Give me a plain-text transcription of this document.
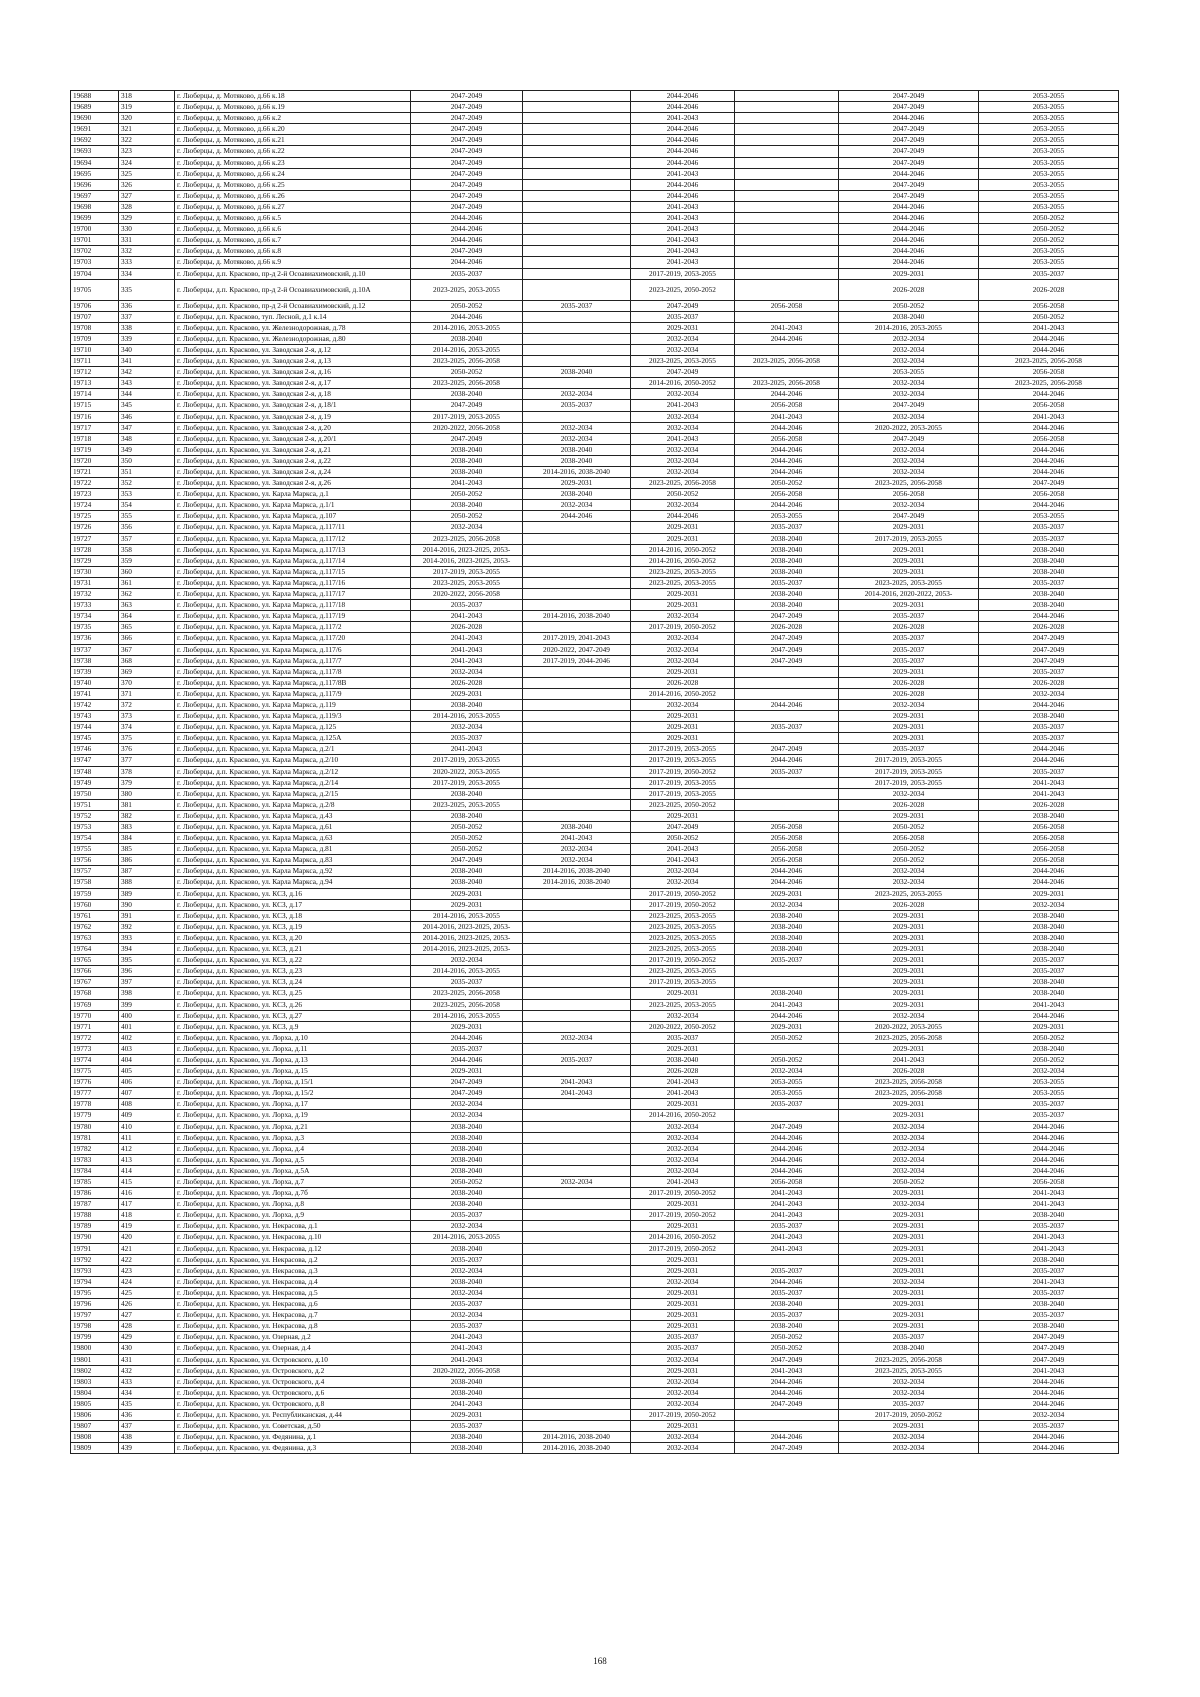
19688	318	г. Люберцы, д. Мотяково, д.66 к.18	2047-2049		2044-2046		2047-2049	2053-2055
19689	319	г. Люберцы, д. Мотяково, д.66 к.19	2047-2049		2044-2046		2047-2049	2053-2055
19690	320	г. Люберцы, д. Мотяково, д.66 к.2	2047-2049		2041-2043		2044-2046	2053-2055
19691	321	г. Люберцы, д. Мотяково, д.66 к.20	2047-2049		2044-2046		2047-2049	2053-2055
19692	322	г. Люберцы, д. Мотяково, д.66 к.21	2047-2049		2044-2046		2047-2049	2053-2055
19693	323	г. Люберцы, д. Мотяково, д.66 к.22	2047-2049		2044-2046		2047-2049	2053-2055
19694	324	г. Люберцы, д. Мотяково, д.66 к.23	2047-2049		2044-2046		2047-2049	2053-2055
19695	325	г. Люберцы, д. Мотяково, д.66 к.24	2047-2049		2041-2043		2044-2046	2053-2055
19696	326	г. Люберцы, д. Мотяково, д.66 к.25	2047-2049		2044-2046		2047-2049	2053-2055
19697	327	г. Люберцы, д. Мотяково, д.66 к.26	2047-2049		2044-2046		2047-2049	2053-2055
19698	328	г. Люберцы, д. Мотяково, д.66 к.27	2047-2049		2041-2043		2044-2046	2053-2055
19699	329	г. Люберцы, д. Мотяково, д.66 к.5	2044-2046		2041-2043		2044-2046	2050-2052
19700	330	г. Люберцы, д. Мотяково, д.66 к.6	2044-2046		2041-2043		2044-2046	2050-2052
19701	331	г. Люберцы, д. Мотяково, д.66 к.7	2044-2046		2041-2043		2044-2046	2050-2052
19702	332	г. Люберцы, д. Мотяково, д.66 к.8	2047-2049		2041-2043		2044-2046	2053-2055
19703	333	г. Люберцы, д. Мотяково, д.66 к.9	2044-2046		2041-2043		2044-2046	2053-2055
19704	334	г. Люберцы, д.п. Красково, пр-д 2-й Осоавиахимовский, д.10	2035-2037		2017-2019, 2053-2055		2029-2031	2035-2037
19705	335	г. Люберцы, д.п. Красково, пр-д 2-й Осоавиахимовский, д.10А	2023-2025, 2053-2055		2023-2025, 2050-2052		2026-2028	2026-2028
19706	336	г. Люберцы, д.п. Красково, пр-д 2-й Осоавиахимовский, д.12	2050-2052	2035-2037	2047-2049	2056-2058	2050-2052	2056-2058
19707	337	г. Люберцы, д.п. Красково, туп. Лесной, д.1 к.14	2044-2046		2035-2037		2038-2040	2050-2052
19708	338	г. Люберцы, д.п. Красково, ул. Железнодорожная, д.78	2014-2016, 2053-2055		2029-2031	2041-2043	2014-2016, 2053-2055	2041-2043
19709	339	г. Люберцы, д.п. Красково, ул. Железнодорожная, д.80	2038-2040		2032-2034	2044-2046	2032-2034	2044-2046
19710	340	г. Люберцы, д.п. Красково, ул. Заводская 2-я, д.12	2014-2016, 2053-2055		2032-2034		2032-2034	2044-2046
19711	341	г. Люберцы, д.п. Красково, ул. Заводская 2-я, д.13	2023-2025, 2056-2058		2023-2025, 2053-2055	2023-2025, 2056-2058	2032-2034	2023-2025, 2056-2058
19712	342	г. Люберцы, д.п. Красково, ул. Заводская 2-я, д.16	2050-2052	2038-2040	2047-2049		2053-2055	2056-2058
19713	343	г. Люберцы, д.п. Красково, ул. Заводская 2-я, д.17	2023-2025, 2056-2058		2014-2016, 2050-2052	2023-2025, 2056-2058	2032-2034	2023-2025, 2056-2058
19714	344	г. Люберцы, д.п. Красково, ул. Заводская 2-я, д.18	2038-2040	2032-2034	2032-2034	2044-2046	2032-2034	2044-2046
19715	345	г. Люберцы, д.п. Красково, ул. Заводская 2-я, д.18/1	2047-2049	2035-2037	2041-2043	2056-2058	2047-2049	2056-2058
19716	346	г. Люберцы, д.п. Красково, ул. Заводская 2-я, д.19	2017-2019, 2053-2055		2032-2034	2041-2043	2032-2034	2041-2043
19717	347	г. Люберцы, д.п. Красково, ул. Заводская 2-я, д.20	2020-2022, 2056-2058	2032-2034	2032-2034	2044-2046	2020-2022, 2053-2055	2044-2046
19718	348	г. Люберцы, д.п. Красково, ул. Заводская 2-я, д.20/1	2047-2049	2032-2034	2041-2043	2056-2058	2047-2049	2056-2058
19719	349	г. Люберцы, д.п. Красково, ул. Заводская 2-я, д.21	2038-2040	2038-2040	2032-2034	2044-2046	2032-2034	2044-2046
19720	350	г. Люберцы, д.п. Красково, ул. Заводская 2-я, д.22	2038-2040	2038-2040	2032-2034	2044-2046	2032-2034	2044-2046
19721	351	г. Люберцы, д.п. Красково, ул. Заводская 2-я, д.24	2038-2040	2014-2016, 2038-2040	2032-2034	2044-2046	2032-2034	2044-2046
19722	352	г. Люберцы, д.п. Красково, ул. Заводская 2-я, д.26	2041-2043	2029-2031	2023-2025, 2056-2058	2050-2052	2023-2025, 2056-2058	2047-2049
19723	353	г. Люберцы, д.п. Красково, ул. Карла Маркса, д.1	2050-2052	2038-2040	2050-2052	2056-2058	2056-2058	2056-2058
19724	354	г. Люберцы, д.п. Красково, ул. Карла Маркса, д.1/1	2038-2040	2032-2034	2032-2034	2044-2046	2032-2034	2044-2046
19725	355	г. Люберцы, д.п. Красково, ул. Карла Маркса, д.107	2050-2052	2044-2046	2044-2046	2053-2055	2047-2049	2053-2055
19726	356	г. Люберцы, д.п. Красково, ул. Карла Маркса, д.117/11	2032-2034		2029-2031	2035-2037	2029-2031	2035-2037
19727	357	г. Люберцы, д.п. Красково, ул. Карла Маркса, д.117/12	2023-2025, 2056-2058		2029-2031	2038-2040	2017-2019, 2053-2055	2035-2037
19728	358	г. Люберцы, д.п. Красково, ул. Карла Маркса, д.117/13	2014-2016, 2023-2025, 2053-		2014-2016, 2050-2052	2038-2040	2029-2031	2038-2040
19729	359	г. Люберцы, д.п. Красково, ул. Карла Маркса, д.117/14	2014-2016, 2023-2025, 2053-		2014-2016, 2050-2052	2038-2040	2029-2031	2038-2040
19730	360	г. Люберцы, д.п. Красково, ул. Карла Маркса, д.117/15	2017-2019, 2053-2055		2023-2025, 2053-2055	2038-2040	2029-2031	2038-2040
19731	361	г. Люберцы, д.п. Красково, ул. Карла Маркса, д.117/16	2023-2025, 2053-2055		2023-2025, 2053-2055	2035-2037	2023-2025, 2053-2055	2035-2037
19732	362	г. Люберцы, д.п. Красково, ул. Карла Маркса, д.117/17	2020-2022, 2056-2058		2029-2031	2038-2040	2014-2016, 2020-2022, 2053-	2038-2040
19733	363	г. Люберцы, д.п. Красково, ул. Карла Маркса, д.117/18	2035-2037		2029-2031	2038-2040	2029-2031	2038-2040
19734	364	г. Люберцы, д.п. Красково, ул. Карла Маркса, д.117/19	2041-2043	2014-2016, 2038-2040	2032-2034	2047-2049	2035-2037	2044-2046
19735	365	г. Люберцы, д.п. Красково, ул. Карла Маркса, д.117/2	2026-2028		2017-2019, 2050-2052	2026-2028	2026-2028	2026-2028
19736	366	г. Люберцы, д.п. Красково, ул. Карла Маркса, д.117/20	2041-2043	2017-2019, 2041-2043	2032-2034	2047-2049	2035-2037	2047-2049
19737	367	г. Люберцы, д.п. Красково, ул. Карла Маркса, д.117/6	2041-2043	2020-2022, 2047-2049	2032-2034	2047-2049	2035-2037	2047-2049
19738	368	г. Люберцы, д.п. Красково, ул. Карла Маркса, д.117/7	2041-2043	2017-2019, 2044-2046	2032-2034	2047-2049	2035-2037	2047-2049
19739	369	г. Люберцы, д.п. Красково, ул. Карла Маркса, д.117/8	2032-2034		2029-2031		2029-2031	2035-2037
19740	370	г. Люберцы, д.п. Красково, ул. Карла Маркса, д.117/8В	2026-2028		2026-2028		2026-2028	2026-2028
19741	371	г. Люберцы, д.п. Красково, ул. Карла Маркса, д.117/9	2029-2031		2014-2016, 2050-2052		2026-2028	2032-2034
19742	372	г. Люберцы, д.п. Красково, ул. Карла Маркса, д.119	2038-2040		2032-2034	2044-2046	2032-2034	2044-2046
19743	373	г. Люберцы, д.п. Красково, ул. Карла Маркса, д.119/3	2014-2016, 2053-2055		2029-2031		2029-2031	2038-2040
19744	374	г. Люберцы, д.п. Красково, ул. Карла Маркса, д.125	2032-2034		2029-2031	2035-2037	2029-2031	2035-2037
19745	375	г. Люберцы, д.п. Красково, ул. Карла Маркса, д.125А	2035-2037		2029-2031		2029-2031	2035-2037
19746	376	г. Люберцы, д.п. Красково, ул. Карла Маркса, д.2/1	2041-2043		2017-2019, 2053-2055	2047-2049	2035-2037	2044-2046
19747	377	г. Люберцы, д.п. Красково, ул. Карла Маркса, д.2/10	2017-2019, 2053-2055		2017-2019, 2053-2055	2044-2046	2017-2019, 2053-2055	2044-2046
19748	378	г. Люберцы, д.п. Красково, ул. Карла Маркса, д.2/12	2020-2022, 2053-2055		2017-2019, 2050-2052	2035-2037	2017-2019, 2053-2055	2035-2037
19749	379	г. Люберцы, д.п. Красково, ул. Карла Маркса, д.2/14	2017-2019, 2053-2055		2017-2019, 2053-2055		2017-2019, 2053-2055	2041-2043
19750	380	г. Люберцы, д.п. Красково, ул. Карла Маркса, д.2/15	2038-2040		2017-2019, 2053-2055		2032-2034	2041-2043
19751	381	г. Люберцы, д.п. Красково, ул. Карла Маркса, д.2/8	2023-2025, 2053-2055		2023-2025, 2050-2052		2026-2028	2026-2028
19752	382	г. Люберцы, д.п. Красково, ул. Карла Маркса, д.43	2038-2040		2029-2031		2029-2031	2038-2040
19753	383	г. Люберцы, д.п. Красково, ул. Карла Маркса, д.61	2050-2052	2038-2040	2047-2049	2056-2058	2050-2052	2056-2058
19754	384	г. Люберцы, д.п. Красково, ул. Карла Маркса, д.63	2050-2052	2041-2043	2050-2052	2056-2058	2056-2058	2056-2058
19755	385	г. Люберцы, д.п. Красково, ул. Карла Маркса, д.81	2050-2052	2032-2034	2041-2043	2056-2058	2050-2052	2056-2058
19756	386	г. Люберцы, д.п. Красково, ул. Карла Маркса, д.83	2047-2049	2032-2034	2041-2043	2056-2058	2050-2052	2056-2058
19757	387	г. Люберцы, д.п. Красково, ул. Карла Маркса, д.92	2038-2040	2014-2016, 2038-2040	2032-2034	2044-2046	2032-2034	2044-2046
19758	388	г. Люберцы, д.п. Красково, ул. Карла Маркса, д.94	2038-2040	2014-2016, 2038-2040	2032-2034	2044-2046	2032-2034	2044-2046
19759	389	г. Люберцы, д.п. Красково, ул. КСЗ, д.16	2029-2031		2017-2019, 2050-2052	2029-2031	2023-2025, 2053-2055	2029-2031
19760	390	г. Люберцы, д.п. Красково, ул. КСЗ, д.17	2029-2031		2017-2019, 2050-2052	2032-2034	2026-2028	2032-2034
19761	391	г. Люберцы, д.п. Красково, ул. КСЗ, д.18	2014-2016, 2053-2055		2023-2025, 2053-2055	2038-2040	2029-2031	2038-2040
19762	392	г. Люберцы, д.п. Красково, ул. КСЗ, д.19	2014-2016, 2023-2025, 2053-		2023-2025, 2053-2055	2038-2040	2029-2031	2038-2040
19763	393	г. Люберцы, д.п. Красково, ул. КСЗ, д.20	2014-2016, 2023-2025, 2053-		2023-2025, 2053-2055	2038-2040	2029-2031	2038-2040
19764	394	г. Люберцы, д.п. Красково, ул. КСЗ, д.21	2014-2016, 2023-2025, 2053-		2023-2025, 2053-2055	2038-2040	2029-2031	2038-2040
19765	395	г. Люберцы, д.п. Красково, ул. КСЗ, д.22	2032-2034		2017-2019, 2050-2052	2035-2037	2029-2031	2035-2037
19766	396	г. Люберцы, д.п. Красково, ул. КСЗ, д.23	2014-2016, 2053-2055		2023-2025, 2053-2055		2029-2031	2035-2037
19767	397	г. Люберцы, д.п. Красково, ул. КСЗ, д.24	2035-2037		2017-2019, 2053-2055		2029-2031	2038-2040
19768	398	г. Люберцы, д.п. Красково, ул. КСЗ, д.25	2023-2025, 2056-2058		2029-2031	2038-2040	2029-2031	2038-2040
19769	399	г. Люберцы, д.п. Красково, ул. КСЗ, д.26	2023-2025, 2056-2058		2023-2025, 2053-2055	2041-2043	2029-2031	2041-2043
19770	400	г. Люберцы, д.п. Красково, ул. КСЗ, д.27	2014-2016, 2053-2055		2032-2034	2044-2046	2032-2034	2044-2046
19771	401	г. Люберцы, д.п. Красково, ул. КСЗ, д.9	2029-2031		2020-2022, 2050-2052	2029-2031	2020-2022, 2053-2055	2029-2031
19772	402	г. Люберцы, д.п. Красково, ул. Лорха, д.10	2044-2046	2032-2034	2035-2037	2050-2052	2023-2025, 2056-2058	2050-2052
19773	403	г. Люберцы, д.п. Красково, ул. Лорха, д.11	2035-2037		2029-2031		2029-2031	2038-2040
19774	404	г. Люберцы, д.п. Красково, ул. Лорха, д.13	2044-2046	2035-2037	2038-2040	2050-2052	2041-2043	2050-2052
19775	405	г. Люберцы, д.п. Красково, ул. Лорха, д.15	2029-2031		2026-2028	2032-2034	2026-2028	2032-2034
19776	406	г. Люберцы, д.п. Красково, ул. Лорха, д.15/1	2047-2049	2041-2043	2041-2043	2053-2055	2023-2025, 2056-2058	2053-2055
19777	407	г. Люберцы, д.п. Красково, ул. Лорха, д.15/2	2047-2049	2041-2043	2041-2043	2053-2055	2023-2025, 2056-2058	2053-2055
19778	408	г. Люберцы, д.п. Красково, ул. Лорха, д.17	2032-2034		2029-2031	2035-2037	2029-2031	2035-2037
19779	409	г. Люберцы, д.п. Красково, ул. Лорха, д.19	2032-2034		2014-2016, 2050-2052		2029-2031	2035-2037
19780	410	г. Люберцы, д.п. Красково, ул. Лорха, д.21	2038-2040		2032-2034	2047-2049	2032-2034	2044-2046
19781	411	г. Люберцы, д.п. Красково, ул. Лорха, д.3	2038-2040		2032-2034	2044-2046	2032-2034	2044-2046
19782	412	г. Люберцы, д.п. Красково, ул. Лорха, д.4	2038-2040		2032-2034	2044-2046	2032-2034	2044-2046
19783	413	г. Люберцы, д.п. Красково, ул. Лорха, д.5	2038-2040		2032-2034	2044-2046	2032-2034	2044-2046
19784	414	г. Люберцы, д.п. Красково, ул. Лорха, д.5А	2038-2040		2032-2034	2044-2046	2032-2034	2044-2046
19785	415	г. Люберцы, д.п. Красково, ул. Лорха, д.7	2050-2052	2032-2034	2041-2043	2056-2058	2050-2052	2056-2058
19786	416	г. Люберцы, д.п. Красково, ул. Лорха, д.7б	2038-2040		2017-2019, 2050-2052	2041-2043	2029-2031	2041-2043
19787	417	г. Люберцы, д.п. Красково, ул. Лорха, д.8	2038-2040		2029-2031	2041-2043	2032-2034	2041-2043
19788	418	г. Люберцы, д.п. Красково, ул. Лорха, д.9	2035-2037		2017-2019, 2050-2052	2041-2043	2029-2031	2038-2040
19789	419	г. Люберцы, д.п. Красково, ул. Некрасова, д.1	2032-2034		2029-2031	2035-2037	2029-2031	2035-2037
19790	420	г. Люберцы, д.п. Красково, ул. Некрасова, д.10	2014-2016, 2053-2055		2014-2016, 2050-2052	2041-2043	2029-2031	2041-2043
19791	421	г. Люберцы, д.п. Красково, ул. Некрасова, д.12	2038-2040		2017-2019, 2050-2052	2041-2043	2029-2031	2041-2043
19792	422	г. Люберцы, д.п. Красково, ул. Некрасова, д.2	2035-2037		2029-2031		2029-2031	2038-2040
19793	423	г. Люберцы, д.п. Красково, ул. Некрасова, д.3	2032-2034		2029-2031	2035-2037	2029-2031	2035-2037
19794	424	г. Люберцы, д.п. Красково, ул. Некрасова, д.4	2038-2040		2032-2034	2044-2046	2032-2034	2041-2043
19795	425	г. Люберцы, д.п. Красково, ул. Некрасова, д.5	2032-2034		2029-2031	2035-2037	2029-2031	2035-2037
19796	426	г. Люберцы, д.п. Красково, ул. Некрасова, д.6	2035-2037		2029-2031	2038-2040	2029-2031	2038-2040
19797	427	г. Люберцы, д.п. Красково, ул. Некрасова, д.7	2032-2034		2029-2031	2035-2037	2029-2031	2035-2037
19798	428	г. Люберцы, д.п. Красково, ул. Некрасова, д.8	2035-2037		2029-2031	2038-2040	2029-2031	2038-2040
19799	429	г. Люберцы, д.п. Красково, ул. Озерная, д.2	2041-2043		2035-2037	2050-2052	2035-2037	2047-2049
19800	430	г. Люберцы, д.п. Красково, ул. Озерная, д.4	2041-2043		2035-2037	2050-2052	2038-2040	2047-2049
19801	431	г. Люберцы, д.п. Красково, ул. Островского, д.10	2041-2043		2032-2034	2047-2049	2023-2025, 2056-2058	2047-2049
19802	432	г. Люберцы, д.п. Красково, ул. Островского, д.2	2020-2022, 2056-2058		2029-2031	2041-2043	2023-2025, 2053-2055	2041-2043
19803	433	г. Люберцы, д.п. Красково, ул. Островского, д.4	2038-2040		2032-2034	2044-2046	2032-2034	2044-2046
19804	434	г. Люберцы, д.п. Красково, ул. Островского, д.6	2038-2040		2032-2034	2044-2046	2032-2034	2044-2046
19805	435	г. Люберцы, д.п. Красково, ул. Островского, д.8	2041-2043		2032-2034	2047-2049	2035-2037	2044-2046
19806	436	г. Люберцы, д.п. Красково, ул. Республиканская, д.44	2029-2031		2017-2019, 2050-2052		2017-2019, 2050-2052	2032-2034
19807	437	г. Люберцы, д.п. Красково, ул. Советская, д.50	2035-2037		2029-2031		2029-2031	2035-2037
19808	438	г. Люберцы, д.п. Красково, ул. Федянина, д.1	2038-2040	2014-2016, 2038-2040	2032-2034	2044-2046	2032-2034	2044-2046
19809	439	г. Люберцы, д.п. Красково, ул. Федянина, д.3	2038-2040	2014-2016, 2038-2040	2032-2034	2047-2049	2032-2034	2044-2046
168
